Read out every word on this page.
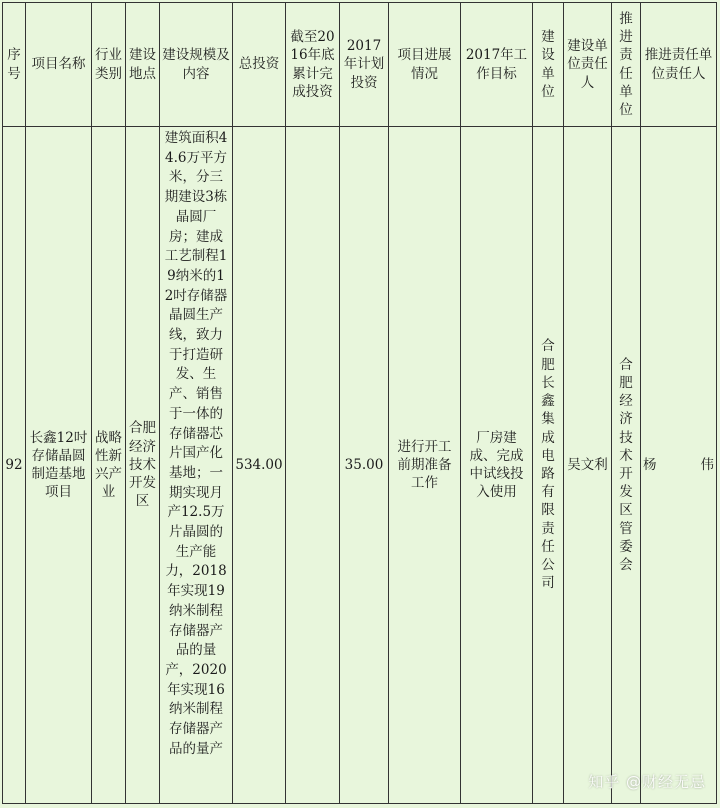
序号	项目名称	行业类别	建设地点	建设规模及内容	总投资	截至2016年底累计完成投资	2017年计划投资	项目进展情况	2017年工作目标	建设单位	建设单位责任人	推进责任单位	推进责任单位责任人
92	长鑫12吋存储晶圆制造基地项目	战略性新兴产业	合肥经济技术开发区	建筑面积44.6万平方米，分三期建设3栋晶圆厂房；建成工艺制程19纳米的12吋存储器晶圆生产线，致力于打造研发、生产、销售于一体的存储器芯片国产化基地；一期实现月产12.5万片晶圆的生产能力，2018年实现19纳米制程存储器产品的量产，2020年实现16纳米制程存储器产品的量产	534.00		35.00	进行开工前期准备工作	厂房建成、完成中试线投入使用	合肥长鑫集成电路有限责任公司	吴文利	合肥经济技术开发区管委会	杨　　伟
知乎 @财经无忌
